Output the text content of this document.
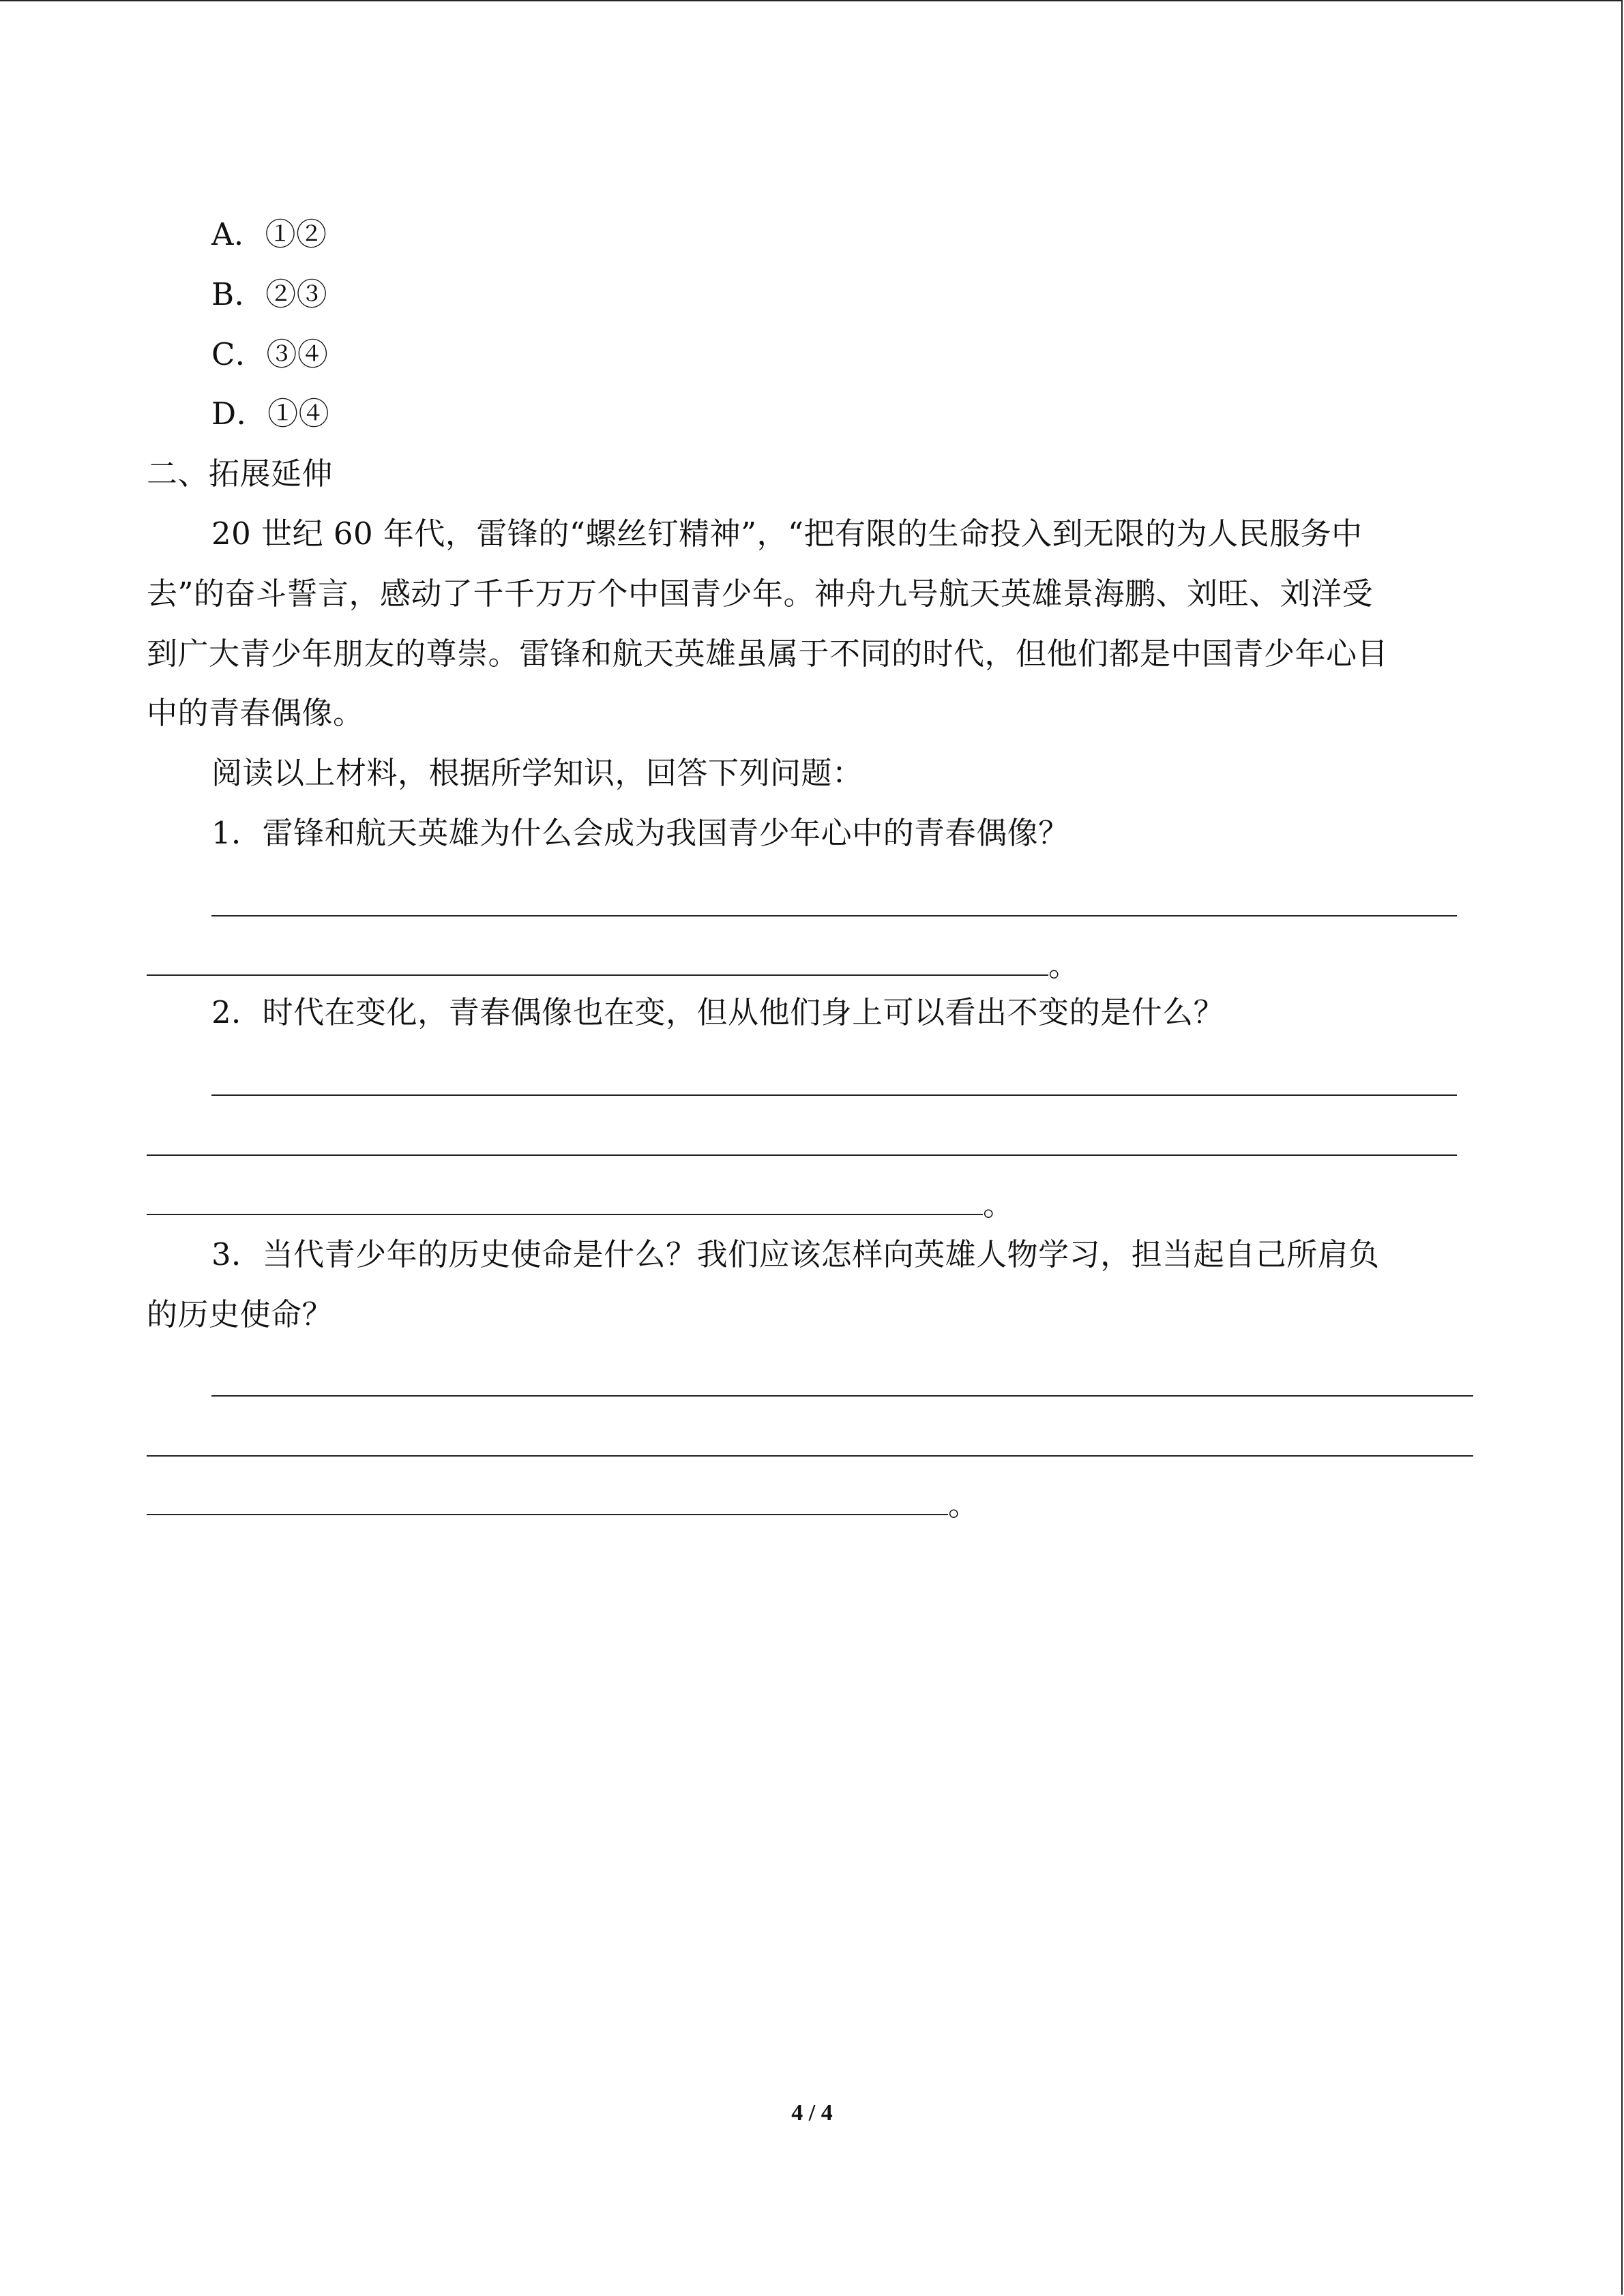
A．①②
B．②③
C．③④
D．①④
二、拓展延伸
20 世纪 60 年代，雷锋的“螺丝钉精神”，“把有限的生命投入到无限的为人民服务中
去”的奋斗誓言，感动了千千万万个中国青少年。神舟九号航天英雄景海鹏、刘旺、刘洋受
到广大青少年朋友的尊崇。雷锋和航天英雄虽属于不同的时代，但他们都是中国青少年心目
中的青春偶像。
阅读以上材料，根据所学知识，回答下列问题：
1．雷锋和航天英雄为什么会成为我国青少年心中的青春偶像？
。
2．时代在变化，青春偶像也在变，但从他们身上可以看出不变的是什么？
。
3．当代青少年的历史使命是什么？我们应该怎样向英雄人物学习，担当起自己所肩负
的历史使命？
。
4 / 4
